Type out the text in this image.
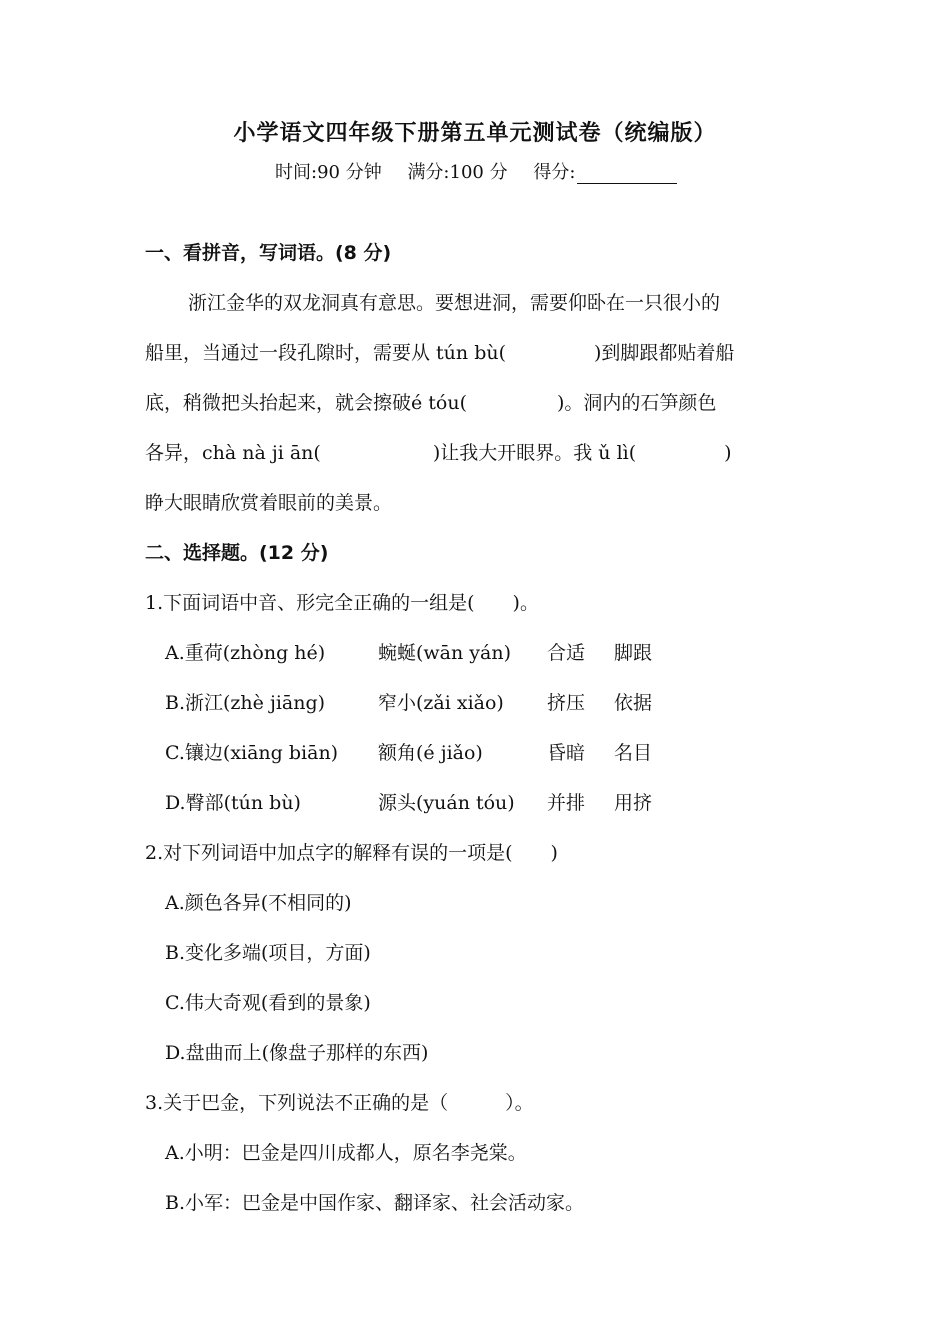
小学语文四年级下册第五单元测试卷（统编版）
时间:90 分钟 满分:100 分 得分:
一、看拼音，写词语。(8 分)
浙江金华的双龙洞真有意思。要想进洞，需要仰卧在一只很小的
船里，当通过一段孔隙时，需要从 tún bù(	)到脚跟都贴着船
底，稍微把头抬起来，就会擦破é tóu(	)。洞内的石笋颜色
各异，chà nà ji ān(	)让我大开眼界。我 ǔ lì(	)
睁大眼睛欣赏着眼前的美景。
二、选择题。(12 分)
1.下面词语中音、形完全正确的一组是(　　)。
A.重荷(zhòng hé)	蜿蜒(wān yán) 合适 脚跟
B.浙江(zhè jiāng)	窄小(zǎi xiǎo) 挤压 依据
C.镶边(xiāng biān) 额角(é jiǎo)	昏暗 名目
D.臀部(tún bù)	源头(yuán tóu) 并排 用挤
2.对下列词语中加点字的解释有误的一项是(　　)
A.颜色各异(不相同的)
B.变化多端(项目，方面)
C.伟大奇观(看到的景象)
D.盘曲而上(像盘子那样的东西)
3.关于巴金，下列说法不正确的是（　　　）。
A.小明：巴金是四川成都人，原名李尧棠。
B.小军：巴金是中国作家、翻译家、社会活动家。
